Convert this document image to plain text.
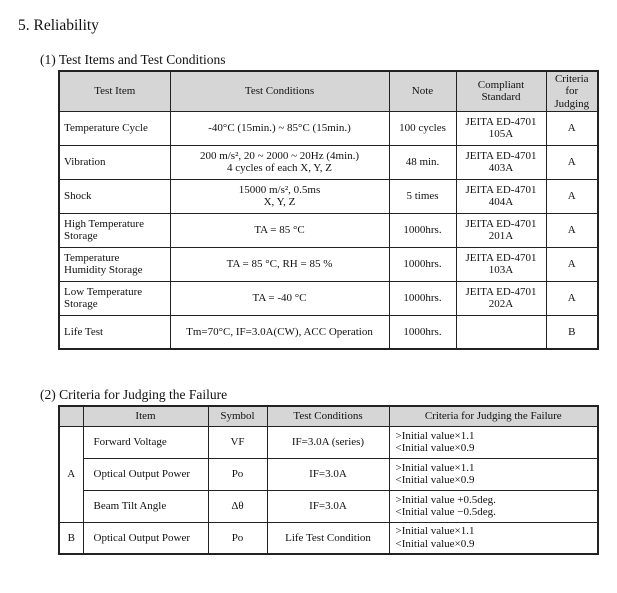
5. Reliability
(1) Test Items and Test Conditions
Test Item	Test Conditions	Note	Compliant Standard	Criteria for Judging
Temperature Cycle	-40°C (15min.) ~ 85°C (15min.)	100 cycles	JEITA ED-4701
105A	A
Vibration	200 m/s², 20 ~ 2000 ~ 20Hz (4min.)
4 cycles of each X, Y, Z	48 min.	JEITA ED-4701
403A	A
Shock	15000 m/s², 0.5ms
X, Y, Z	5 times	JEITA ED-4701
404A	A
High Temperature
Storage	TA = 85 °C	1000hrs.	JEITA ED-4701
201A	A
Temperature
Humidity Storage	TA = 85 °C, RH = 85 %	1000hrs.	JEITA ED-4701
103A	A
Low Temperature
Storage	TA = -40 °C	1000hrs.	JEITA ED-4701
202A	A
Life Test	Tm=70°C, IF=3.0A(CW), ACC Operation	1000hrs.		B
(2) Criteria for Judging the Failure
	Item	Symbol	Test Conditions	Criteria for Judging the Failure
A	Forward Voltage	VF	IF=3.0A (series)	>Initial value×1.1
<Initial value×0.9
	Optical Output Power	Po	IF=3.0A	>Initial value×1.1
<Initial value×0.9
	Beam Tilt Angle	Δθ	IF=3.0A	>Initial value +0.5deg.
<Initial value −0.5deg.
B	Optical Output Power	Po	Life Test Condition	>Initial value×1.1
<Initial value×0.9
